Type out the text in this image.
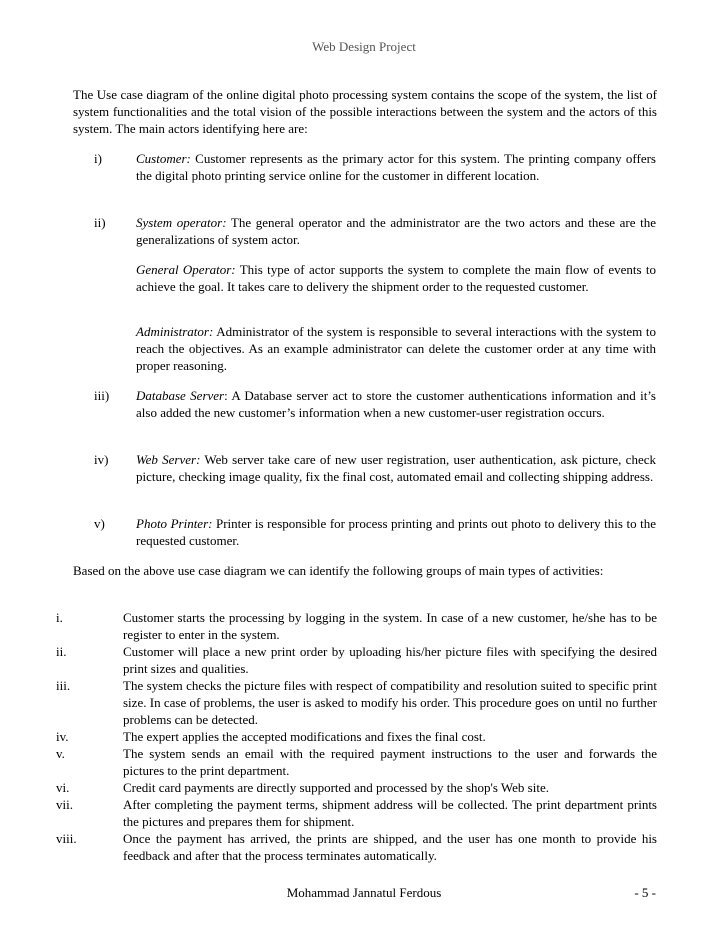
Web Design Project
The Use case diagram of the online digital photo processing system contains the scope of the system, the list of system functionalities and the total vision of the possible interactions between the system and the actors of this system. The main actors identifying here are:
i)	Customer: Customer represents as the primary actor for this system. The printing company offers the digital photo printing service online for the customer in different location.
ii) System operator: The general operator and the administrator are the two actors and these are the generalizations of system actor.
General Operator: This type of actor supports the system to complete the main flow of events to achieve the goal. It takes care to delivery the shipment order to the requested customer.
Administrator: Administrator of the system is responsible to several interactions with the system to reach the objectives. As an example administrator can delete the customer order at any time with proper reasoning.
iii) Database Server: A Database server act to store the customer authentications information and it’s also added the new customer’s information when a new customer-user registration occurs.
iv) Web Server: Web server take care of new user registration, user authentication, ask picture, check picture, checking image quality, fix the final cost, automated email and collecting shipping address.
v) Photo Printer: Printer is responsible for process printing and prints out photo to delivery this to the requested customer.
Based on the above use case diagram we can identify the following groups of main types of activities:
i.	Customer starts the processing by logging in the system. In case of a new customer, he/she has to be register to enter in the system.
ii.	Customer will place a new print order by uploading his/her picture files with specifying the desired print sizes and qualities.
iii.	The system checks the picture files with respect of compatibility and resolution suited to specific print size. In case of problems, the user is asked to modify his order. This procedure goes on until no further problems can be detected.
iv.	The expert applies the accepted modifications and fixes the final cost.
v.	The system sends an email with the required payment instructions to the user and forwards the pictures to the print department.
vi.	Credit card payments are directly supported and processed by the shop's Web site.
vii.	After completing the payment terms, shipment address will be collected. The print department prints the pictures and prepares them for shipment.
viii.	Once the payment has arrived, the prints are shipped, and the user has one month to provide his feedback and after that the process terminates automatically.
Mohammad Jannatul Ferdous	- 5 -
